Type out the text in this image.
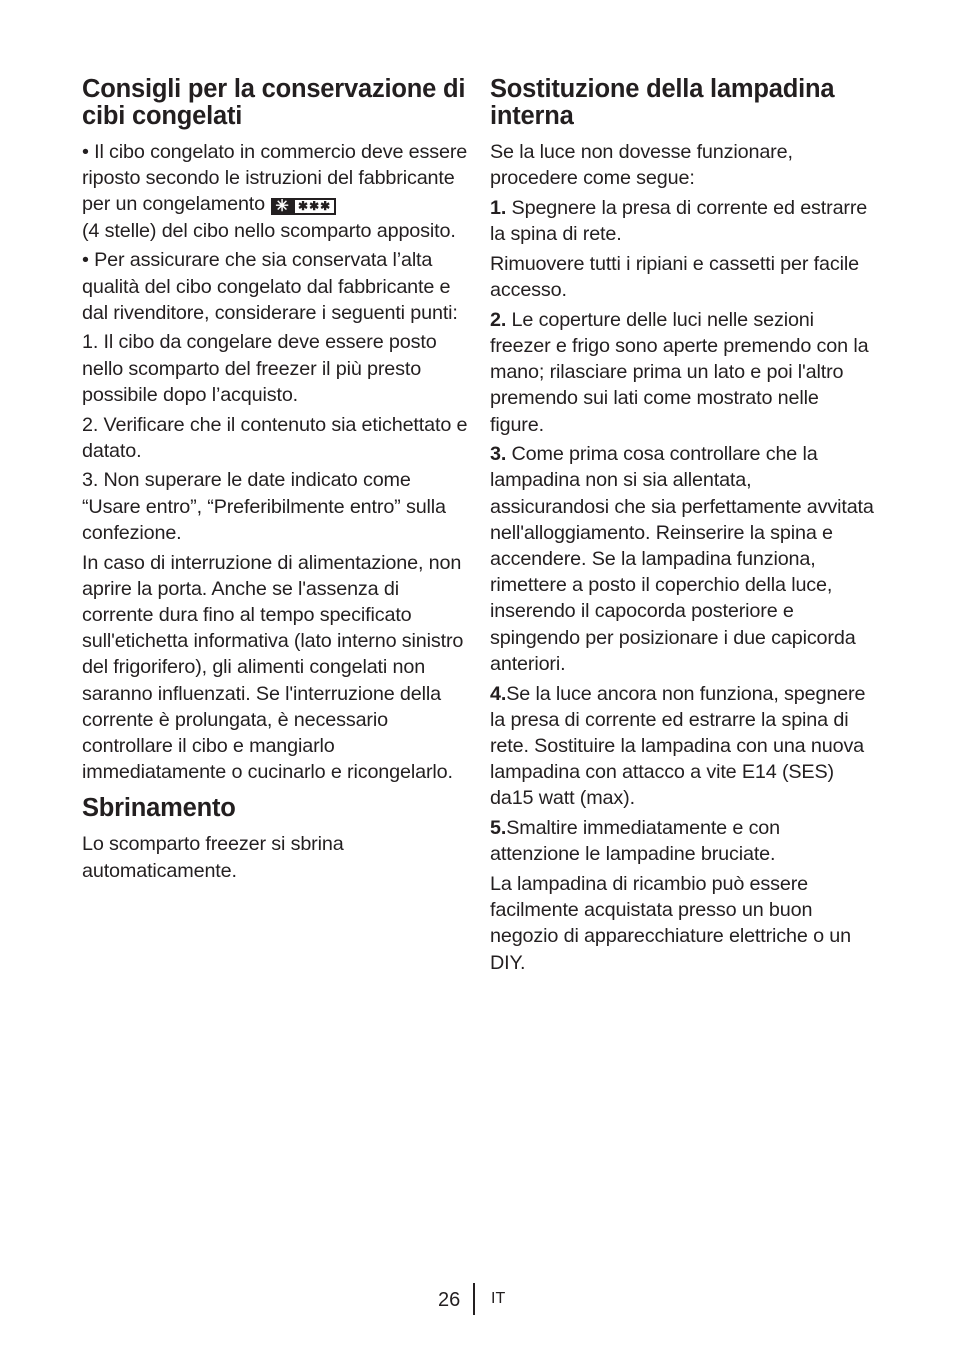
Consigli per la conservazione di cibi congelati

• Il cibo congelato in commercio deve essere riposto secondo le istruzioni del fabbricante per un congelamento ✳ ✱✱✱

(4 stelle) del cibo nello scomparto apposito.

• Per assicurare che sia conservata l’alta qualità del cibo congelato dal fabbricante e dal rivenditore, considerare i seguenti punti:

1. Il cibo da congelare deve essere posto nello scomparto del freezer il più presto possibile dopo l’acquisto.

2. Verificare che il contenuto sia etichettato e datato.

3. Non superare le date indicato come “Usare entro”, “Preferibilmente entro” sulla confezione.

In caso di interruzione di alimentazione, non aprire la porta. Anche se l'assenza di corrente dura fino al tempo specificato sull'etichetta informativa (lato interno sinistro del frigorifero), gli alimenti congelati non saranno influenzati. Se l'interruzione della corrente è prolungata, è necessario controllare il cibo e mangiarlo immediatamente o cucinarlo e ricongelarlo.

Sbrinamento

Lo scomparto freezer si sbrina automaticamente.

Sostituzione della lampadina interna

Se la luce non dovesse funzionare, procedere come segue:

1. Spegnere la presa di corrente ed estrarre la spina di rete.

Rimuovere tutti i ripiani e cassetti per facile accesso.

2. Le coperture delle luci nelle sezioni freezer e frigo sono aperte premendo con la mano; rilasciare prima un lato e poi l'altro premendo sui lati come mostrato nelle figure.

3. Come prima cosa controllare che la lampadina non si sia allentata, assicurandosi che sia perfettamente avvitata nell'alloggiamento. Reinserire la spina e accendere. Se la lampadina funziona, rimettere a posto il coperchio della luce, inserendo il capocorda posteriore e spingendo per posizionare i due capicorda anteriori.

4.Se la luce ancora non funziona, spegnere la presa di corrente ed estrarre la spina di rete. Sostituire la lampadina con una nuova lampadina con attacco a vite E14 (SES) da15 watt (max).

5.Smaltire immediatamente e con attenzione le lampadine bruciate.

La lampadina di ricambio può essere facilmente acquistata presso un buon negozio di apparecchiature elettriche o un DIY.

26 IT
